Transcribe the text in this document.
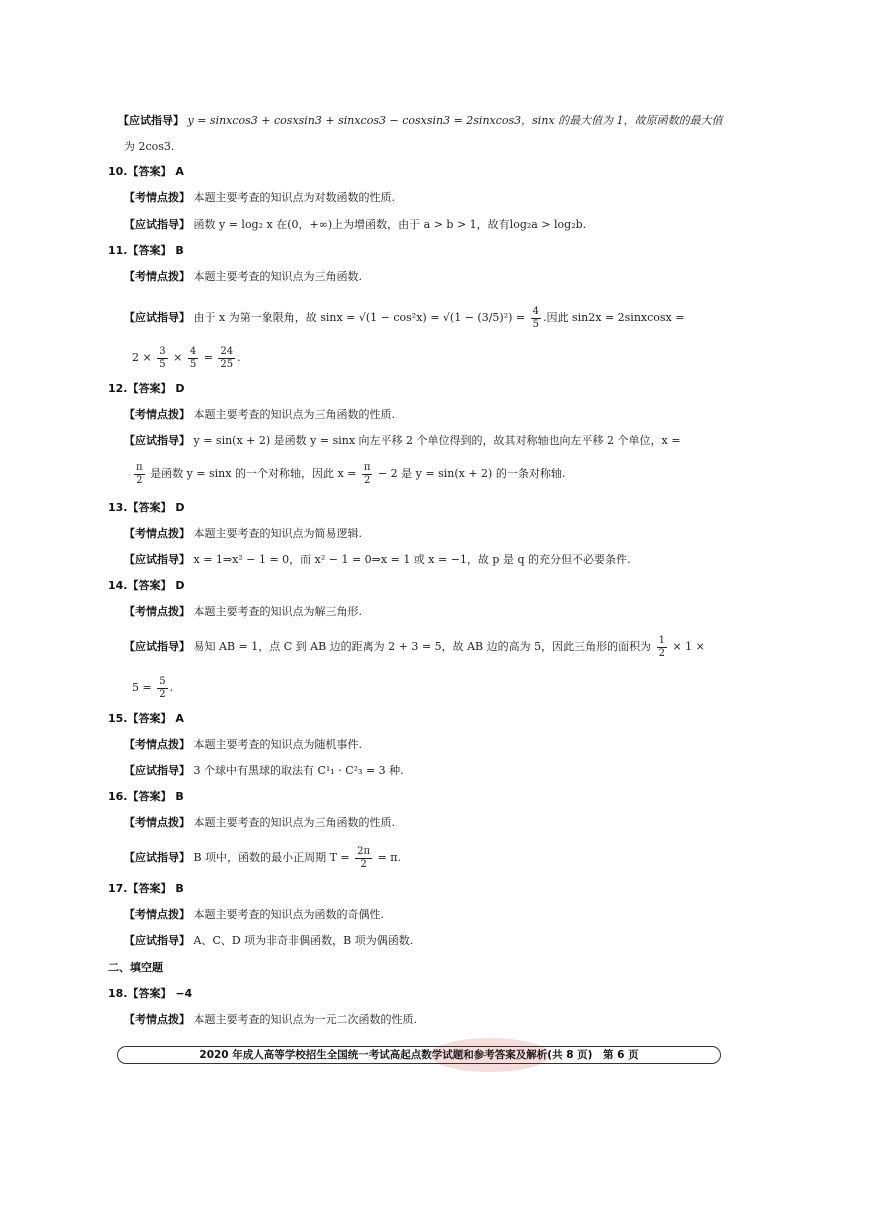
【应试指导】 y = sinxcos3 + cosxsin3 + sinxcos3 − cosxsin3 = 2sinxcos3，sinx 的最大值为 1，故原函数的最大值
为 2cos3.
10.【答案】 A
【考情点拨】 本题主要考查的知识点为对数函数的性质.
【应试指导】 函数 y = log₂ x 在(0，+∞)上为增函数，由于 a > b > 1，故有log₂a > log₂b.
11.【答案】 B
【考情点拨】 本题主要考查的知识点为三角函数.
【应试指导】 由于 x 为第一象限角，故 $\sin x = √(1 - \cos^2x) = √(1 - (3/5)^2) = \frac{4}{5}$ .因此 sin2x = 2sinxcosx =
$2 \times \frac{3}{5} \times \frac{4}{5} = \frac{24}{25}$ .
12.【答案】 D
【考情点拨】 本题主要考查的知识点为三角函数的性质.
【应试指导】 y = sin(x + 2) 是函数 y = sinx 向左平移 2 个单位得到的，故其对称轴也向左平移 2 个单位，x =
$\frac{\pi}{2}$ 是函数 y = sinx 的一个对称轴，因此 $x = \frac{\pi}{2} - 2$ 是 y = sin(x + 2) 的一条对称轴.
13.【答案】 D
【考情点拨】 本题主要考查的知识点为简易逻辑.
【应试指导】 x = 1⇒x² − 1 = 0，而 x² − 1 = 0⇒x = 1 或 x = −1，故 p 是 q 的充分但不必要条件.
14.【答案】 D
【考情点拨】 本题主要考查的知识点为解三角形.
【应试指导】 易知 AB = 1，点 C 到 AB 边的距离为 2 + 3 = 5，故 AB 边的高为 5，因此三角形的面积为 $\frac{1}{2} \times 1$ ×
$5 = \frac{5}{2}$ .
15.【答案】 A
【考情点拨】 本题主要考查的知识点为随机事件.
【应试指导】 3 个球中有黑球的取法有 C¹₁ · C²₃ = 3 种.
16.【答案】 B
【考情点拨】 本题主要考查的知识点为三角函数的性质.
【应试指导】 B 项中，函数的最小正周期 $T = \frac{2\pi}{2} = \pi$.
17.【答案】 B
【考情点拨】 本题主要考查的知识点为函数的奇偶性.
【应试指导】 A、C、D 项为非奇非偶函数，B 项为偶函数.
二、填空题
18.【答案】 −4
【考情点拨】 本题主要考查的知识点为一元二次函数的性质.
2020 年成人高等学校招生全国统一考试高起点数学试题和参考答案及解析(共 8 页)　第 6 页
